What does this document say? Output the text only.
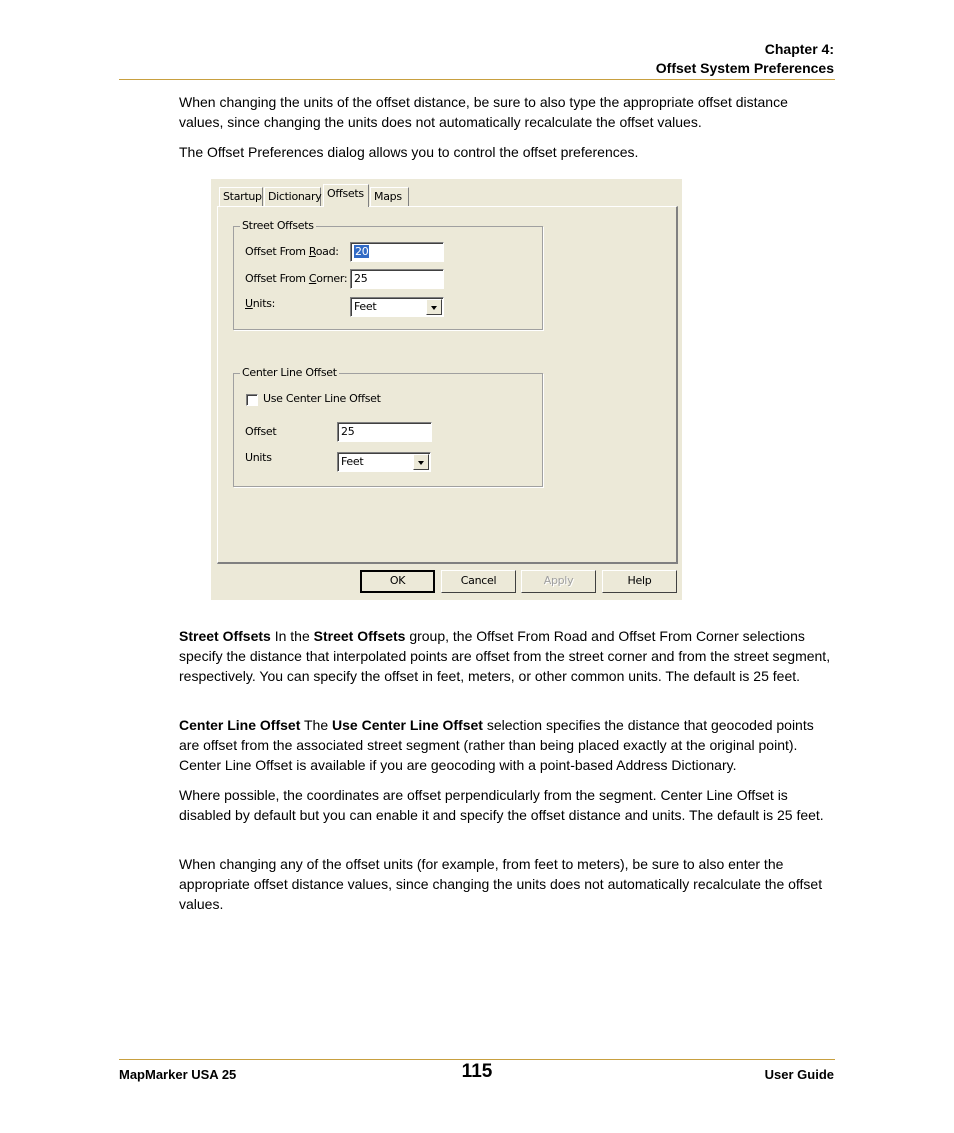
Chapter 4:
Offset System Preferences

When changing the units of the offset distance, be sure to also type the appropriate offset distance values, since changing the units does not automatically recalculate the offset values.

The Offset Preferences dialog allows you to control the offset preferences.

Startup Dictionary Offsets Maps
Street Offsets
Offset From Road:	20
Offset From Corner: 25
Units:	Feet
Center Line Offset
Use Center Line Offset
Offset	25
Units	Feet
OK	Cancel	Apply	Help

Street Offsets In the Street Offsets group, the Offset From Road and Offset From Corner selections specify the distance that interpolated points are offset from the street corner and from the street segment, respectively. You can specify the offset in feet, meters, or other common units. The default is 25 feet.

Center Line Offset The Use Center Line Offset selection specifies the distance that geocoded points are offset from the associated street segment (rather than being placed exactly at the original point). Center Line Offset is available if you are geocoding with a point-based Address Dictionary.

Where possible, the coordinates are offset perpendicularly from the segment. Center Line Offset is disabled by default but you can enable it and specify the offset distance and units. The default is 25 feet.

When changing any of the offset units (for example, from feet to meters), be sure to also enter the appropriate offset distance values, since changing the units does not automatically recalculate the offset values.

MapMarker USA 25	115	User Guide
